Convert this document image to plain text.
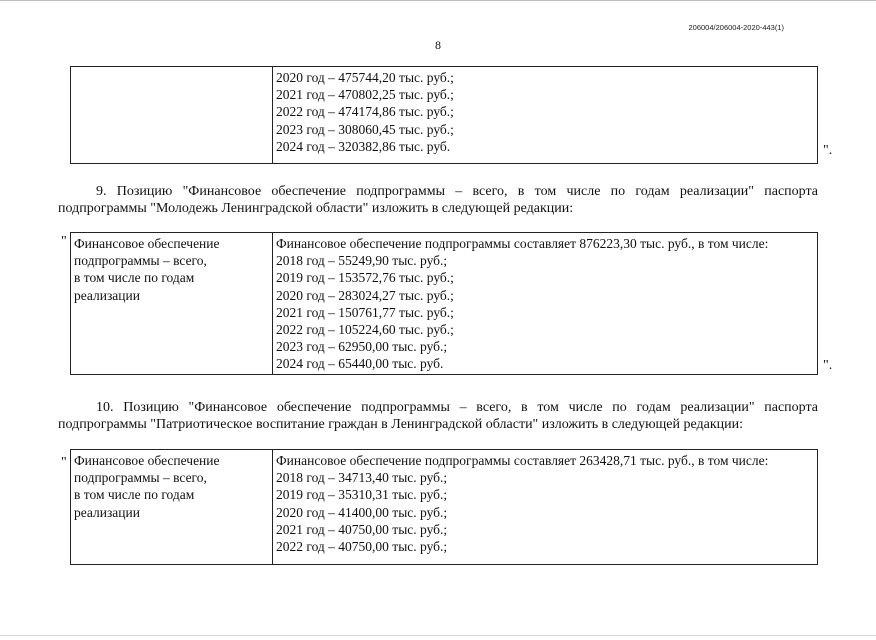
206004/206004-2020-443(1)
8

2020 год – 475744,20 тыс. руб.;
2021 год – 470802,25 тыс. руб.;
2022 год – 474174,86 тыс. руб.;
2023 год – 308060,45 тыс. руб.;
2024 год – 320382,86 тыс. руб.	".
9. Позицию "Финансовое обеспечение подпрограммы – всего, в том числе по годам реализации" паспорта
подпрограммы "Молодежь Ленинградской области" изложить в следующей редакции:
" Финансовое обеспечение
подпрограммы – всего,
в том числе по годам
реализации

Финансовое обеспечение подпрограммы составляет 876223,30 тыс. руб., в том числе:
2018 год – 55249,90 тыс. руб.;
2019 год – 153572,76 тыс. руб.;
2020 год – 283024,27 тыс. руб.;
2021 год – 150761,77 тыс. руб.;
2022 год – 105224,60 тыс. руб.;
2023 год – 62950,00 тыс. руб.;
2024 год – 65440,00 тыс. руб.	".
10. Позицию "Финансовое обеспечение подпрограммы – всего, в том числе по годам реализации" паспорта
подпрограммы "Патриотическое воспитание граждан в Ленинградской области" изложить в следующей редакции:
" Финансовое обеспечение
подпрограммы – всего,
в том числе по годам
реализации

Финансовое обеспечение подпрограммы составляет 263428,71 тыс. руб., в том числе:
2018 год – 34713,40 тыс. руб.;
2019 год – 35310,31 тыс. руб.;
2020 год – 41400,00 тыс. руб.;
2021 год – 40750,00 тыс. руб.;
2022 год – 40750,00 тыс. руб.;
